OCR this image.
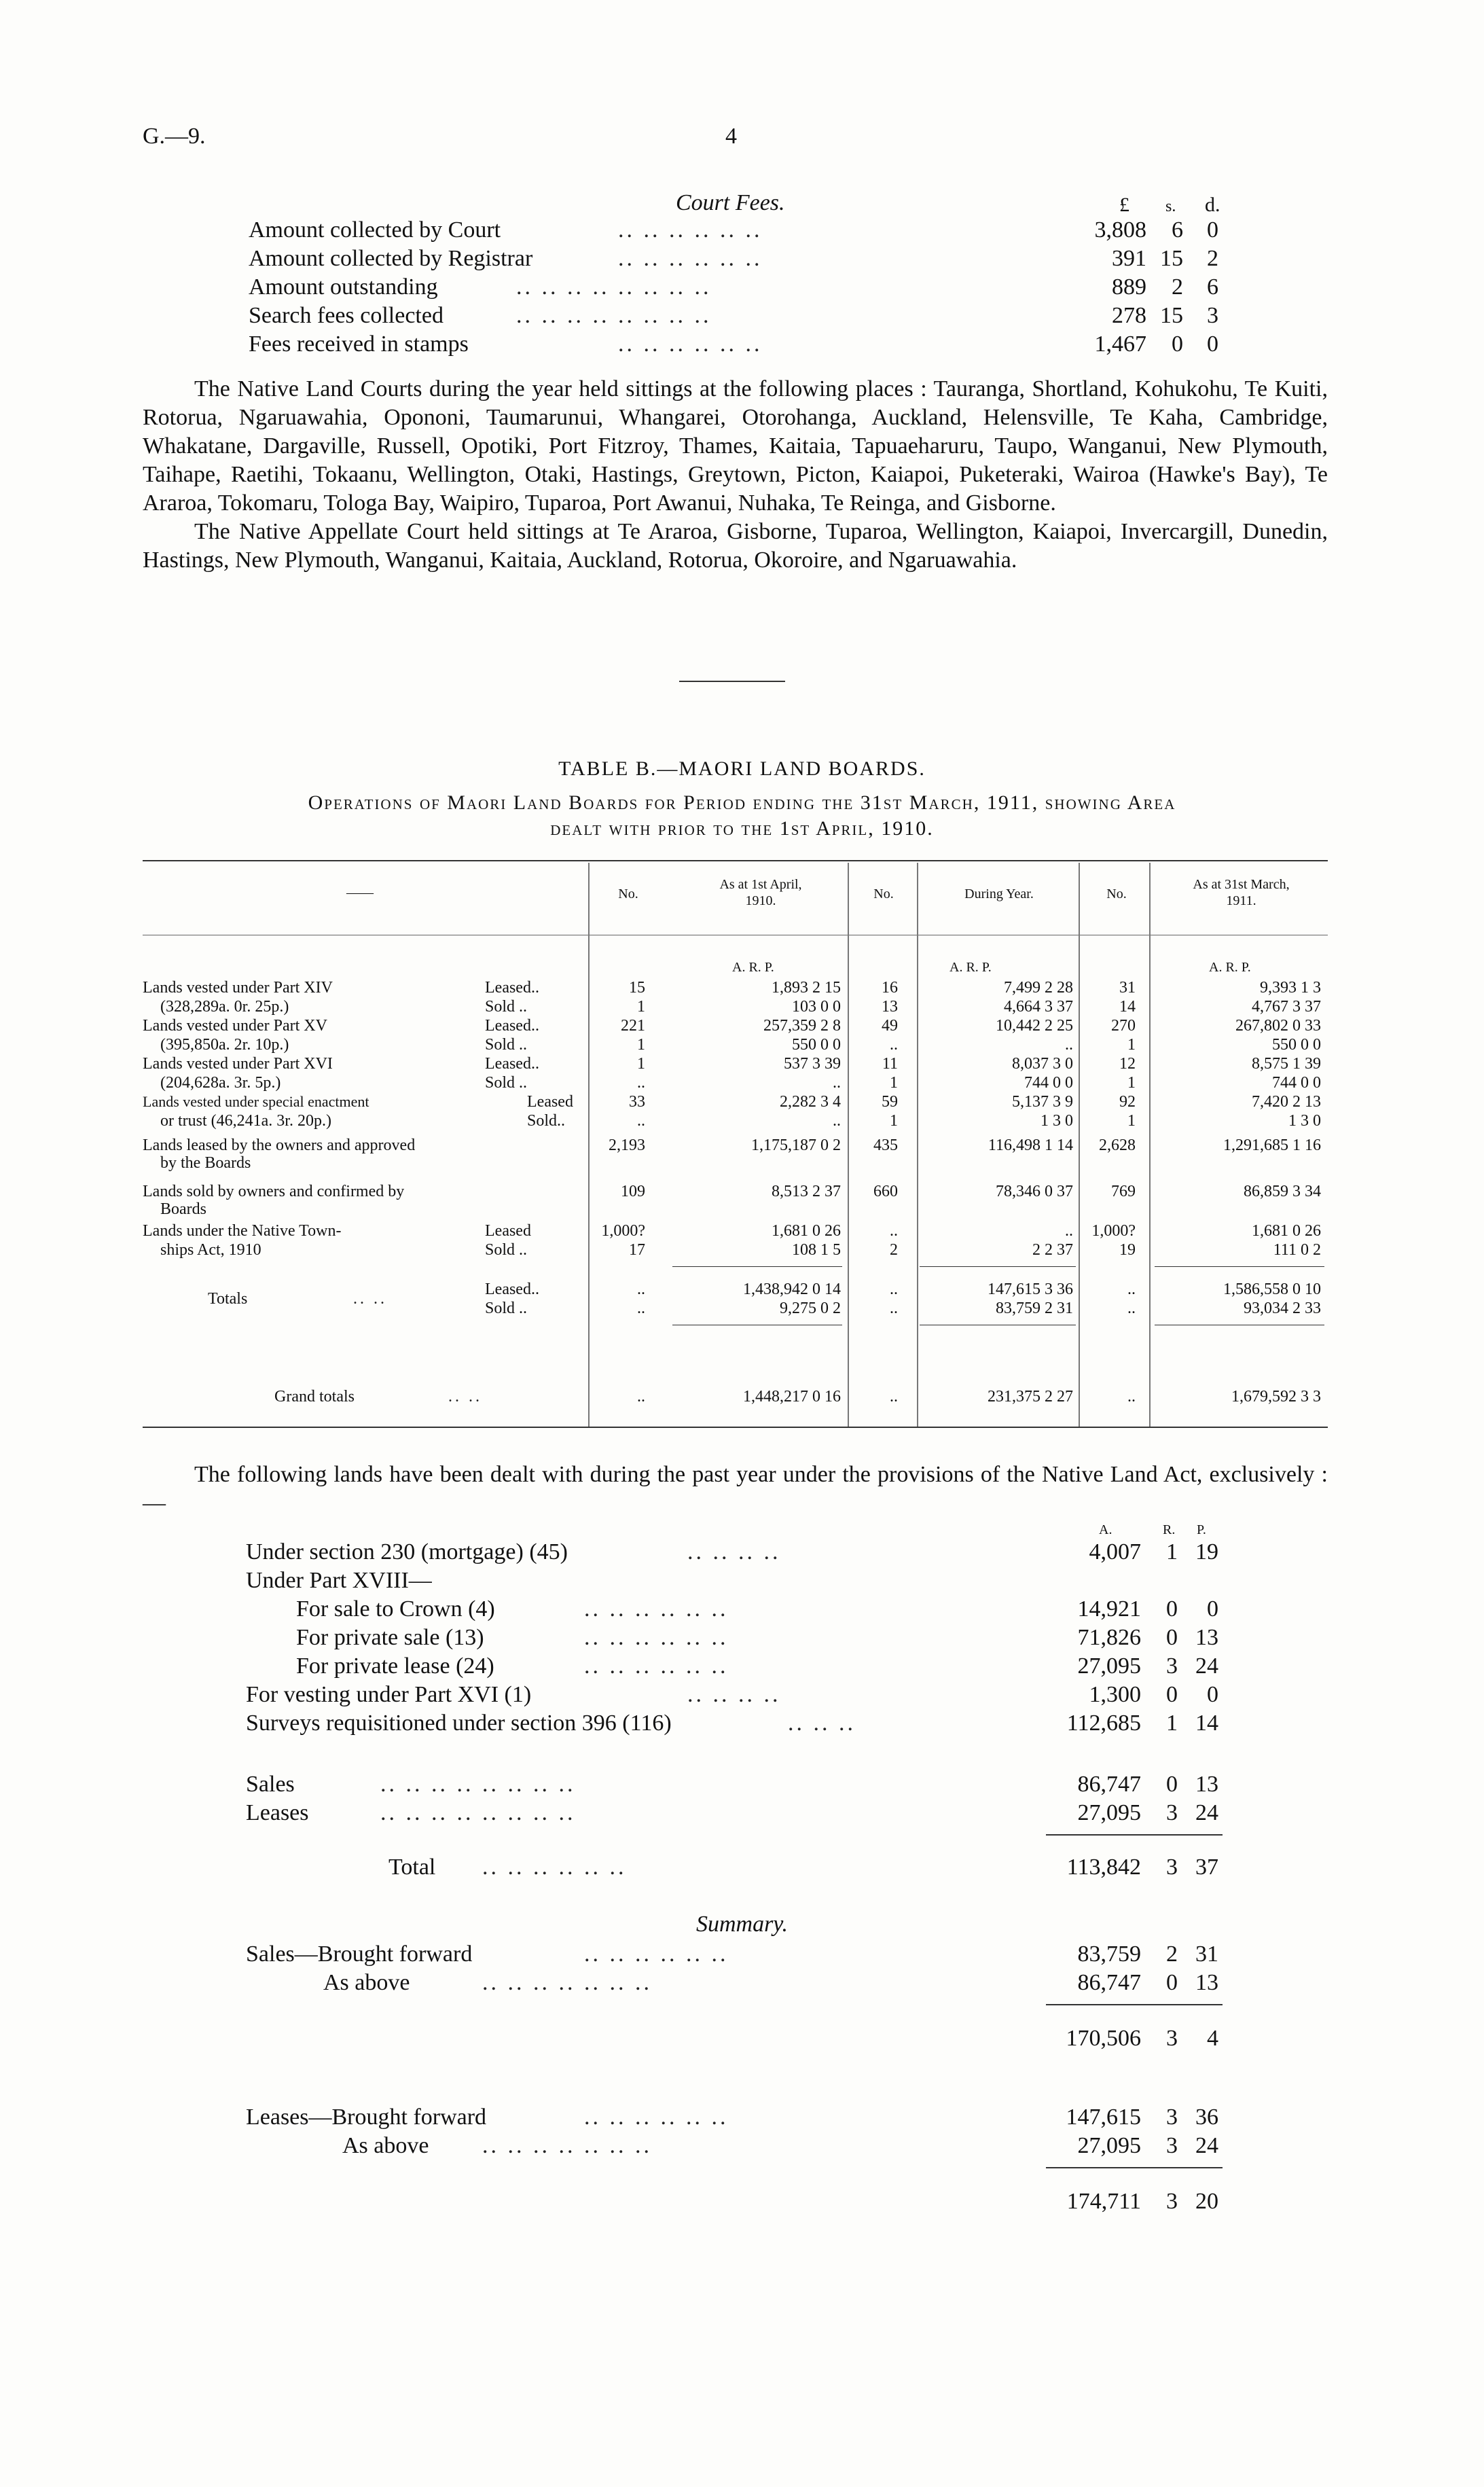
G.—9.	4
Court Fees.	£	s. d.
Amount collected by Court	.. .. .. .. .. ..	3,808	6	0
Amount collected by Registrar	.. .. .. .. .. ..	391 15	2
Amount outstanding	.. .. .. .. .. .. .. ..	889	2	6
Search fees collected	.. .. .. .. .. .. .. ..	278 15	3
Fees received in stamps	.. .. .. .. .. ..	1,467	0	0

The Native Land Courts during the year held sittings at the following places : Tauranga, Shortland, Kohukohu, Te Kuiti, Rotorua, Ngaruawahia, Opononi, Taumarunui, Whangarei, Otorohanga, Auckland, Helensville, Te Kaha, Cambridge, Whakatane, Dargaville, Russell, Opotiki, Port Fitzroy, Thames, Kaitaia, Tapuaeharuru, Taupo, Wanganui, New Plymouth, Taihape, Raetihi, Tokaanu, Wellington, Otaki, Hastings, Greytown, Picton, Kaiapoi, Puketeraki, Wairoa (Hawke's Bay), Te Araroa, Tokomaru, Tologa Bay, Waipiro, Tuparoa, Port Awanui, Nuhaka, Te Reinga, and Gisborne.

The Native Appellate Court held sittings at Te Araroa, Gisborne, Tuparoa, Wellington, Kaiapoi, Invercargill, Dunedin, Hastings, New Plymouth, Wanganui, Kaitaia, Auckland, Rotorua, Okoroire, and Ngaruawahia.

TABLE B.—MAORI LAND BOARDS.
Operations of Maori Land Boards for Period ending the 31st March, 1911, showing Area
dealt with prior to the 1st April, 1910.
——	No.
As at 1st April,
1910.	No.	During Year.	No.
As at 31st March,
1911.
A. R. P.	A. R. P.	A. R. P.
Lands vested under Part XIV	Leased..	15	1,893 2 15	16	7,499 2 28	31	9,393 1 3
(328,289a. 0r. 25p.)	Sold ..	1	103 0 0	13	4,664 3 37	14	4,767 3 37
Lands vested under Part XV	Leased..	221	257,359 2 8	49	10,442 2 25	270	267,802 0 33
(395,850a. 2r. 10p.)	Sold ..	1	550 0 0	..	..	1	550 0 0
Lands vested under Part XVI	Leased..	1	537 3 39	11	8,037 3 0	12	8,575 1 39
(204,628a. 3r. 5p.)	Sold ..	..	..	1	744 0 0	1	744 0 0
Lands vested under special enactment	Leased	33	2,282 3 4	59	5,137 3 9	92	7,420 2 13
or trust (46,241a. 3r. 20p.)	Sold..	..	..	1	1 3 0	1	1 3 0
Lands leased by the owners and approved	2,193	1,175,187 0 2	435	116,498 1 14	2,628	1,291,685 1 16
by the Boards
Lands sold by owners and confirmed by	109	8,513 2 37	660	78,346 0 37	769	86,859 3 34
Boards
Lands under the Native Town-	Leased	1,000?	1,681 0 26	..	..	1,000?	1,681 0 26
ships Act, 1910	Sold ..	17	108 1 5	2	2 2 37	19	111 0 2
Leased..	..	1,438,942 0 14	..	147,615 3 36	..	1,586,558 0 10
Totals	.. ..
Sold ..	..	9,275 0 2	..	83,759 2 31	..	93,034 2 33
Grand totals	.. ..	..	1,448,217 0 16	..	231,375 2 27	..	1,679,592 3 3

The following lands have been dealt with during the past year under the provisions of the Native Land Act, exclusively :—

A.	R. P.
Under section 230 (mortgage) (45)	.. .. .. ..	4,007	1 19
Under Part XVIII—
For sale to Crown (4)	.. .. .. .. .. ..	14,921	0	0
For private sale (13)	.. .. .. .. .. ..	71,826	0 13
For private lease (24)	.. .. .. .. .. ..	27,095	3 24
For vesting under Part XVI (1)	.. .. .. ..	1,300	0	0
Surveys requisitioned under section 396 (116)	.. .. ..	112,685	1 14
Sales	.. .. .. .. .. .. .. ..	86,747	0 13
Leases	.. .. .. .. .. .. .. ..	27,095	3 24
Total .. .. .. .. .. ..	113,842	3 37
Summary.
Sales—Brought forward	.. .. .. .. .. ..	83,759	2 31
As above	.. .. .. .. .. .. ..	86,747	0 13
170,506	3	4
Leases—Brought forward	.. .. .. .. .. ..	147,615	3 36
As above .. .. .. .. .. .. ..	27,095	3 24
174,711	3 20
